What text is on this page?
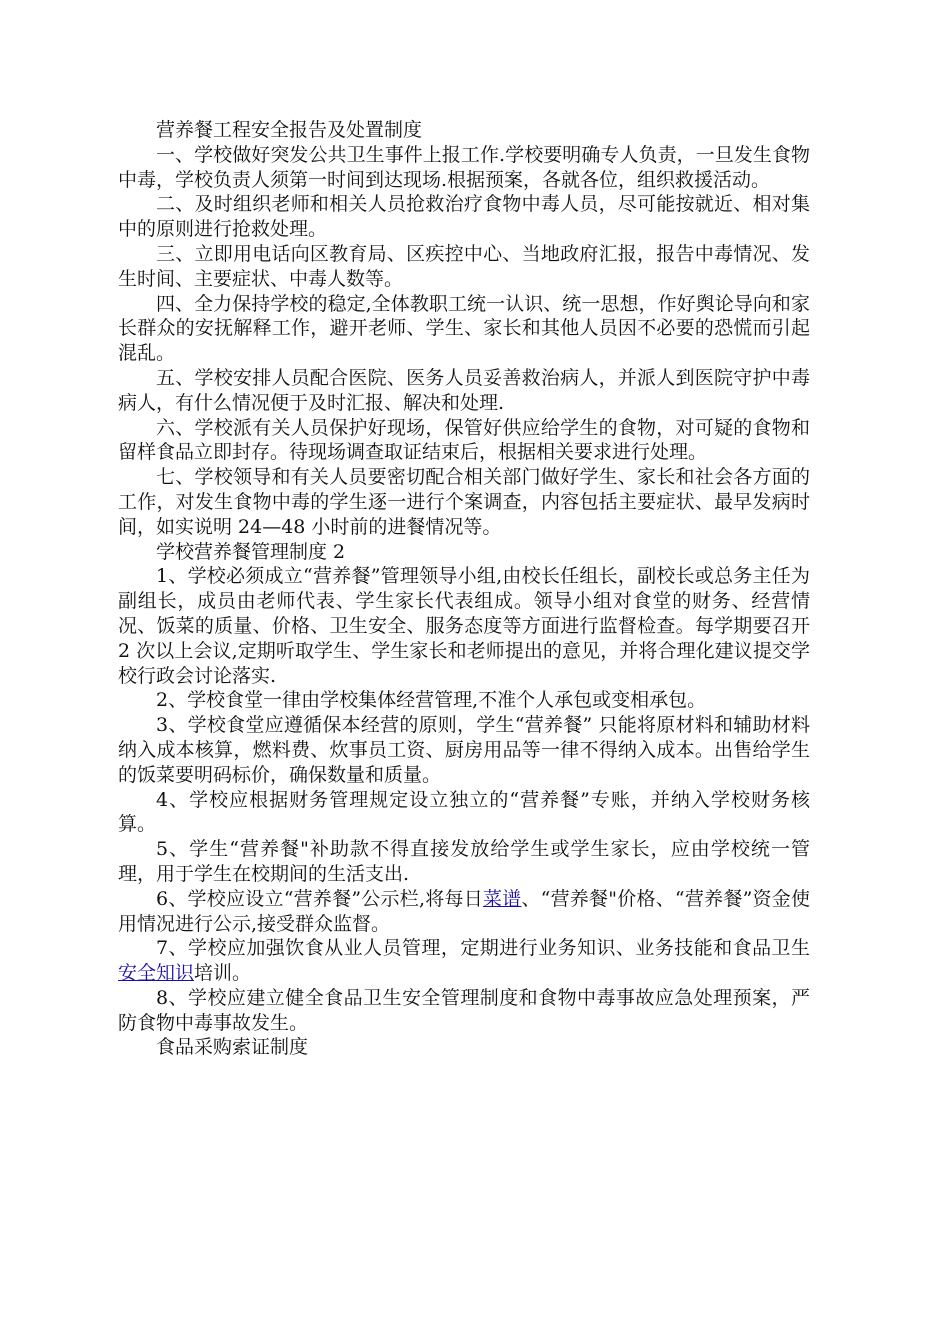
营养餐工程安全报告及处置制度

一、学校做好突发公共卫生事件上报工作.学校要明确专人负责，一旦发生食物中毒，学校负责人须第一时间到达现场.根据预案，各就各位，组织救援活动。

二、及时组织老师和相关人员抢救治疗食物中毒人员，尽可能按就近、相对集中的原则进行抢救处理。

三、立即用电话向区教育局、区疾控中心、当地政府汇报，报告中毒情况、发生时间、主要症状、中毒人数等。

四、全力保持学校的稳定,全体教职工统一认识、统一思想，作好舆论导向和家长群众的安抚解释工作，避开老师、学生、家长和其他人员因不必要的恐慌而引起混乱。

五、学校安排人员配合医院、医务人员妥善救治病人，并派人到医院守护中毒病人，有什么情况便于及时汇报、解决和处理.

六、学校派有关人员保护好现场，保管好供应给学生的食物，对可疑的食物和留样食品立即封存。待现场调查取证结束后，根据相关要求进行处理。

七、学校领导和有关人员要密切配合相关部门做好学生、家长和社会各方面的工作，对发生食物中毒的学生逐一进行个案调查，内容包括主要症状、最早发病时间，如实说明 24—48 小时前的进餐情况等。

学校营养餐管理制度 2

1、学校必须成立“营养餐”管理领导小组,由校长任组长，副校长或总务主任为副组长，成员由老师代表、学生家长代表组成。领导小组对食堂的财务、经营情况、饭菜的质量、价格、卫生安全、服务态度等方面进行监督检查。每学期要召开 2 次以上会议,定期听取学生、学生家长和老师提出的意见，并将合理化建议提交学校行政会讨论落实.

2、学校食堂一律由学校集体经营管理,不准个人承包或变相承包。

3、学校食堂应遵循保本经营的原则，学生“营养餐” 只能将原材料和辅助材料纳入成本核算，燃料费、炊事员工资、厨房用品等一律不得纳入成本。出售给学生的饭菜要明码标价，确保数量和质量。

4、学校应根据财务管理规定设立独立的“营养餐”专账，并纳入学校财务核算。

5、学生“营养餐"补助款不得直接发放给学生或学生家长，应由学校统一管理，用于学生在校期间的生活支出.

6、学校应设立“营养餐”公示栏,将每日菜谱、“营养餐"价格、“营养餐”资金使用情况进行公示,接受群众监督。

7、学校应加强饮食从业人员管理，定期进行业务知识、业务技能和食品卫生安全知识培训。

8、学校应建立健全食品卫生安全管理制度和食物中毒事故应急处理预案，严防食物中毒事故发生。

食品采购索证制度
